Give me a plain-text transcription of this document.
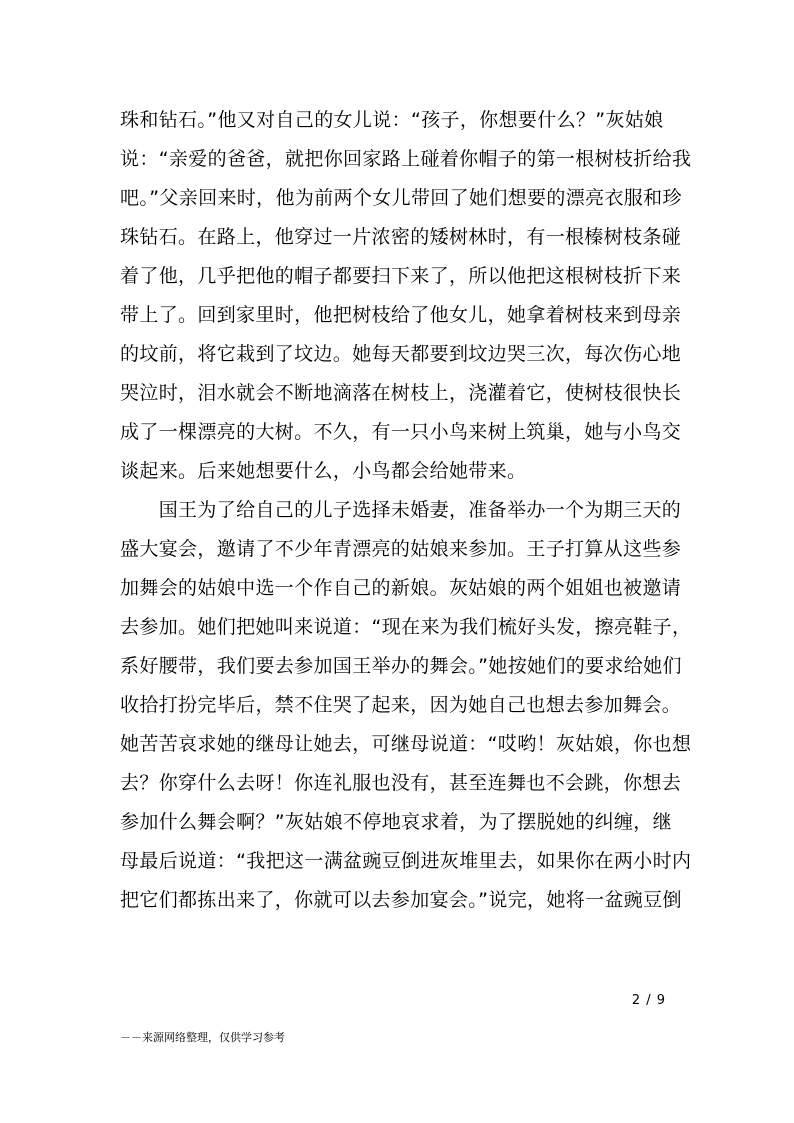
珠和钻石。”他又对自己的女儿说：“孩子，你想要什么？”灰姑娘
说：“亲爱的爸爸，就把你回家路上碰着你帽子的第一根树枝折给我
吧。”父亲回来时，他为前两个女儿带回了她们想要的漂亮衣服和珍
珠钻石。在路上，他穿过一片浓密的矮树林时，有一根榛树枝条碰
着了他，几乎把他的帽子都要扫下来了，所以他把这根树枝折下来
带上了。回到家里时，他把树枝给了他女儿，她拿着树枝来到母亲
的坟前，将它栽到了坟边。她每天都要到坟边哭三次，每次伤心地
哭泣时，泪水就会不断地滴落在树枝上，浇灌着它，使树枝很快长
成了一棵漂亮的大树。不久，有一只小鸟来树上筑巢，她与小鸟交
谈起来。后来她想要什么，小鸟都会给她带来。
　　国王为了给自己的儿子选择未婚妻，准备举办一个为期三天的
盛大宴会，邀请了不少年青漂亮的姑娘来参加。王子打算从这些参
加舞会的姑娘中选一个作自己的新娘。灰姑娘的两个姐姐也被邀请
去参加。她们把她叫来说道：“现在来为我们梳好头发，擦亮鞋子，
系好腰带，我们要去参加国王举办的舞会。”她按她们的要求给她们
收拾打扮完毕后，禁不住哭了起来，因为她自己也想去参加舞会。
她苦苦哀求她的继母让她去，可继母说道：“哎哟！灰姑娘，你也想
去？你穿什么去呀！你连礼服也没有，甚至连舞也不会跳，你想去
参加什么舞会啊？”灰姑娘不停地哀求着，为了摆脱她的纠缠，继
母最后说道：“我把这一满盆豌豆倒进灰堆里去，如果你在两小时内
把它们都拣出来了，你就可以去参加宴会。”说完，她将一盆豌豆倒
2 / 9
－－来源网络整理，仅供学习参考
